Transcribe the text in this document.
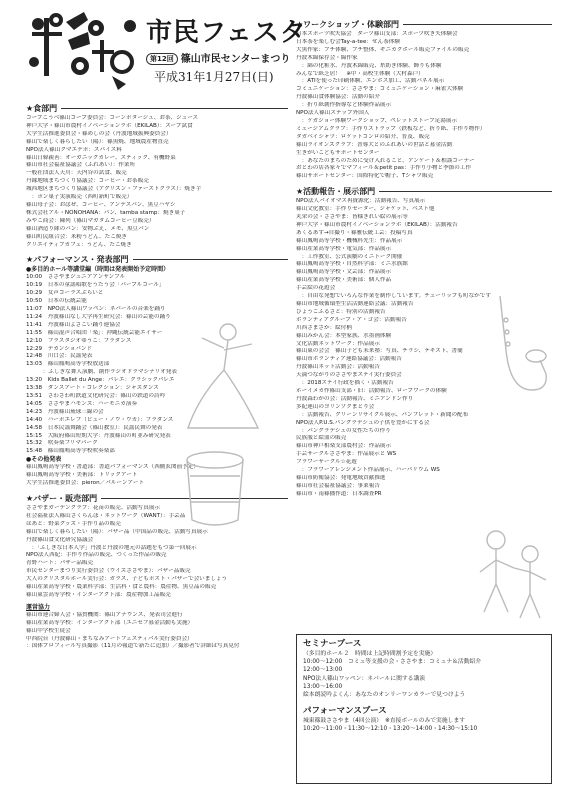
市民フェスタ
第12回 篠山市民センターまつり
平成31年1月27日(日)
★食部門
コープこうべ篠山コープ委員会：コーンポタージュ、お茶、ジュース
神戸大学・篠山市農村イノベーションラボ（EKILAB）：スープ試食
大学生活推進委員会・篠めしの会（丹波地域振興委員会）
篠山で楽しく暮らしたい（陽）：篠黒焼、地域農産物直売
NPO法人篠山クマエデポ：スパイス料
篠山日韓親善：オーガニックカレー、スティック、有機野菜
篠山市社会福祉協議会（ふれあい）：作業所
一般社団法人天川：天内谷の試食、販売
丹縁地域まちづくり協議会：コーヒー・お茶販売
城西地区まちづくり協議会（アグリズン・ファーストクラス）：焼き芋
　：ポン菓子実演販売（西町新町で販売）
篠山母子会：おばぜ、コーヒー、アンデスパン、黒豆ハヤシ
株式会社アル・NONOHANA：パン、tamba stamp：焼き菓子
みやこ商会：陳列（篠山マガタムコーヒー豆販売）
篠山酒造り隊のパン：安物ぶえ、メモ、黒豆パン
篠山町民組合会：米粉うどん、たこ焼き
クリエイティブカフェ：うどん、たこ焼き
★パフォーマンス・発表部門
●多目的ホール等講堂編（時間は発表開始予定時間）
10:00　ささやまジュニアアンサンブル
10:19　日本の童謡唱歌をうたう会「パープルコール」
10:29　女声コーラスぷらいと
10:50　日本の伝統芸能
11:07　NPO法人篠山ワッペン：ネパールの音楽を踊り
11:24　丹波篠山なし大学再生研究会：篠山の芸能の踊り
11:41　丹波篠山よさこい踊り連協会
11:55　篠山混声合唱団「楽」：沖縄伝統芸能エイサー
12:10　フラスタジオゆうこ：フラダンス
12:29　デカンショバンド
12:48　川口会：民謡発表
13:03　篠山鳳鳴高等学校放送部
　　　：ふしぎな舞人演劇、創作ラジオドラマシナリオ発表
13:20　Kids Ballet du Ange：バレエ：クラシックバレエ
13:38　ダンスアート・コレクション：ジャズダンス
13:51　さわさわ町鉄道文化研究会：篠山の鉄道の詩吟
14:05　ささやまハモンズ：ハーモニカ演奏
14:23　丹波篠山琉球三線の会
14:40　ハーポエレフ（ビュー・ノウ・ウカ）：フラダンス
14:58　日本民謡舞踊会（篠山教室）：民謡民舞の発表
15:15　大阪府篠山短期大学：丹波篠山の町並み研究発表
15:32　吹奏楽フリマパーク
15:48　篠山鳳鳴高等学校吹奏楽部
●その他発表
篠山鳳鳴高等学校・書道部：書道パフォーマンス（西側玄関前予定）
篠山鳳鳴高等学校・美術部：トリックアート
大学生活推進委員会：pieron／バルーンアート
★バザー・販売部門
ささやまガーデンクラブ：花苗の販売、活動写真展示
社会福祉法人篠山さくらんぼ・ネットワーク（WANT）：手芸品
はあと：野菜グッズ・手作り品の販売
篠山で楽しく暮らしたい（陽）：バザー品（中国品の販売、活動写真展示
丹波篠山食文化研究協議会
　：「ふしぎな日本人学」丹波と丹波の地元の話題をもつ第一回展示
NPO法人西紀：手作り作品の販売、つくった作品の販売
青野ハート：バザー品販売
市民センターまつり実行委員会（ウイズささやま）：バザー品販売
大人のクリスタルホール実行会：ガラス、子どもポスト・バザーで会いましょう
篠山産業高等学校・農業科学部：生活科・食と農科：農産物、黒豆品の販売
篠山東雲高等学校・インターアクト部：農産物加工品販売
運営協力
篠山市連合婦人会・協賛機関：篠山アナウンス、発表司会進行
篠山産業高等学校：インターアクト部（ユニセフ募金活動も実施）
篠山中学校生徒会
中西院台（丹波篠山・まちなみアートフェスティバル実行委員会）
：国体プロフィール写真撮影（11月の報道で新たに追加）／撮影者で詳細は写真見付
★ワークショップ・体験部門
日本スポーツ吹矢協会　ダーツ篠山支部：スポーツ吹き矢体験会
日本茶を楽しむ会Tay-a-tee：せん茶体験
大黒作家：ブチ体験、ブチ整体、ギニカクボール販売ファイルの販売
丹波木綿保存会・綿作家
　：綿の化粧水、丹波木綿販売、糸紡ぎ体験、飾りも体験
みんなで紙芝居！　※中・高校生体験（大村森戸）
　：ATIを使った印刷体験、エンボス加工、活動パネル展示
コミュニケーション：ささやま：コミュニケーション・麻雀大体験
丹波篠山食体験協会：活動の紹介
　：折り紙創作指導など体験作品展示
NPO法人篠山ステップ外国人
　：ケガジョー体験ワークショップ、ペレットストーブ足湯展示
ミュージアムクラブ：手作りストラップ（鉄板など、折り紙、手作り物作）
タガベイシャツ：ロケットコンロの紹介、普及、販売
篠山ライオンズクラブ：普導犬とのふれあいの世話と募金活動
生きがいこどもサポートセンター
　：あなたのまちのために受け入れること。アンケート＆相談コーナー
おとわの店各家々でマフィール＆petit pas：手作り小物と季節の工作
篠山サポートセンター：国際特化で帽子、Tシャツ販売
★活動報告・展示部門
NPO法人バイオマス再資源化：活動報告、写真展示
篠山文化教室：手作りセーター、ジャケット、ベスト他
丸栄の会・ささやま：皆様きれい絵の展示等
神戸大学・篠山市農村イノベーションラボ（EKILAB）：活動報告
あくるあす→自撮り・篠雅伝統工芸：投稿写真
篠山鳳鳴高等学校・機械科先生：作品展示
篠山産業高等学校・電気部：作品展示
　：工作教室、公式演劇のミニトーク開催
篠山鳳鳴高等学校・自然科学部：ミニ水族館
篠山鳳鳴高等学校・文芸部：作品展示
篠山産業高等学校・美術部：個人作品
手芸絵の花遊会
　：自由な発想でいろんな作業を制作しています。チューリップも町なかです
篠山市地域循環型生活活動連絡会議：活動報告
ひょうごふるさと：特別の活動報告
ボランティアグループ・ア・ゴ会：活動報告
川西さまさか：絵付柄
篠山みかん会：本型家族、水墨画体験
文化活動ネットワーク：作品展示
篠山東の会会　篠山子ども未来塾：写真、チラシ、テキスト、書簡
篠山市ボランティア連絡協議会：活動報告
丹波篠山ネット活動会：活動報告
天満つながりのささやまステイ実行委員会
　：2018ステイ行政を描く・活動報告
ホーイメカ作篠山支部・旧：活動報告、ロープワークの体験
丹波森わがの会：活動報告、ミニアンドン作り
多紀連山のヨリンゾクまとり会
　：活動報告、グリーンリサイクル展示、パンフレット・新聞の配布
NPO法人P.U.S.パングラデシュの子供を豊かにする会
　：パングラデシュの女性たちの作り
民族服と絵皿の販売
篠山市神戸相楽支部農村会：作品展示
手芸サークルささやま：作品展示と WS
フラワーサークル☆花遊
　：フラワーアレンジメント作品展示、ハーバリウム WS
篠山市防衛協会：発電地域貢献推進
篠山市社会福祉協議会：事業報告
篠山市・南篠播作道：日本調査PR
セミナーブース
（多目的ホール２　時間は上記時間割予定を実施）
10:00～12:00　コミュ等支援の会・ささやま：コミュナ＆活動紹介
12:00～13:00
NPO法人篠山ワッペン：ネパールに関する講演
13:00～16:00
絵本朗読吟よくん：あなたのオンリーワンカラーで見つけよう
パフォーマンスブース
城東篠鼓ささやま（4回公演）　※直接ボールのみで実施します
10:20～11:00・11:30～12:10・13:20～14:00・14:30～15:10
